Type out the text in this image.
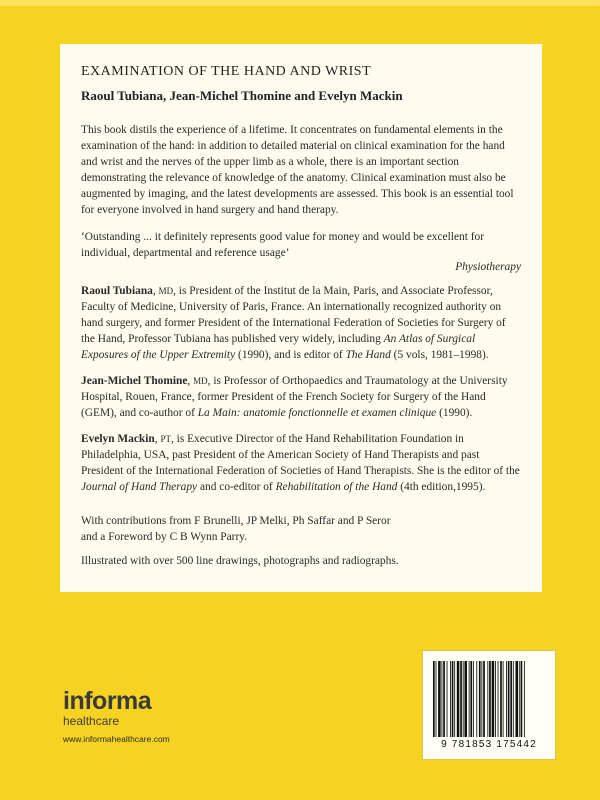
EXAMINATION OF THE HAND AND WRIST
Raoul Tubiana, Jean-Michel Thomine and Evelyn Mackin

This book distils the experience of a lifetime. It concentrates on fundamental elements in the examination of the hand: in addition to detailed material on clinical examination for the hand and wrist and the nerves of the upper limb as a whole, there is an important section demonstrating the relevance of knowledge of the anatomy. Clinical examination must also be augmented by imaging, and the latest developments are assessed. This book is an essential tool for everyone involved in hand surgery and hand therapy.

‘Outstanding ... it definitely represents good value for money and would be excellent for individual, departmental and reference usage’

Physiotherapy

Raoul Tubiana, MD, is President of the Institut de la Main, Paris, and Associate Professor, Faculty of Medicine, University of Paris, France. An internationally recognized authority on hand surgery, and former President of the International Federation of Societies for Surgery of the Hand, Professor Tubiana has published very widely, including An Atlas of Surgical Exposures of the Upper Extremity (1990), and is editor of The Hand (5 vols, 1981–1998).

Jean-Michel Thomine, MD, is Professor of Orthopaedics and Traumatology at the University Hospital, Rouen, France, former President of the French Society for Surgery of the Hand (GEM), and co-author of La Main: anatomie fonctionnelle et examen clinique (1990).

Evelyn Mackin, PT, is Executive Director of the Hand Rehabilitation Foundation in Philadelphia, USA, past President of the American Society of Hand Therapists and past President of the International Federation of Societies of Hand Therapists. She is the editor of the Journal of Hand Therapy and co-editor of Rehabilitation of the Hand (4th edition,1995).

With contributions from F Brunelli, JP Melki, Ph Saffar and P Seror
and a Foreword by C B Wynn Parry.
Illustrated with over 500 line drawings, photographs and radiographs.
informa
healthcare
www.informahealthcare.com	9 781853 175442
